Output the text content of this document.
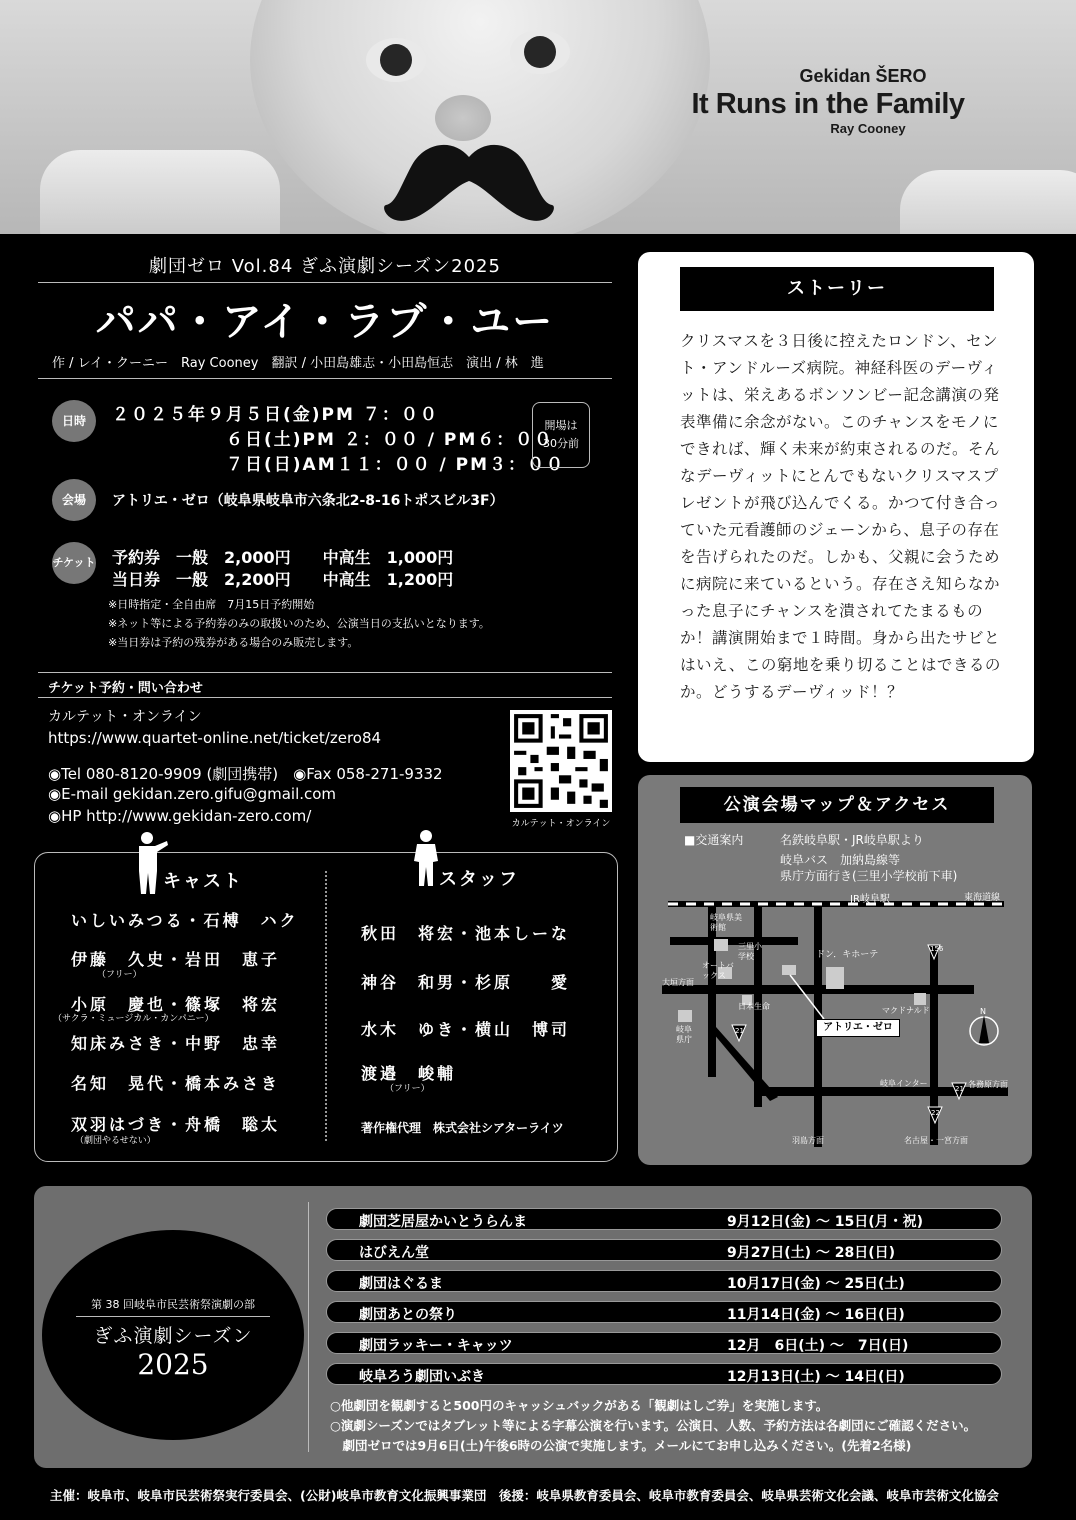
Gekidan ŠERO
It Runs in the Family
Ray Cooney
劇団ゼロ Vol.84 ぎふ演劇シーズン2025
パパ・アイ・ラブ・ユー
作 / レイ・クーニー　Ray Cooney　翻訳 / 小田島雄志・小田島恒志　演出 / 林　進
日時	２０２５年９月５日(金)PM ７：００
６日(土)PM ２：００ / PM６：００
７日(日)AM１１：００ / PM３：００
開場は
30分前
会場	アトリエ・ゼロ（岐阜県岐阜市六条北2-8-16トポスビル3F）
チケット 予約券　一般　2,000円　　中高生　1,000円
当日券　一般　2,200円　　中高生　1,200円
※日時指定・全自由席　7月15日予約開始
※ネット等による予約券のみの取扱いのため、公演当日の支払いとなります。
※当日券は予約の残券がある場合のみ販売します。
チケット予約・問い合わせ
カルテット・オンライン
https://www.quartet-online.net/ticket/zero84
◉Tel 080-8120-9909 (劇団携帯)　◉Fax 058-271-9332
◉E-mail gekidan.zero.gifu@gmail.com
◉HP http://www.gekidan-zero.com/	カルテット・オンライン
キャスト	スタッフ
いしいみつる・石榑　ハク
伊藤　久史・岩田　恵子
（フリー）
小原　慶也・篠塚　将宏
（サクラ・ミュージカル・カンパニー）
知床みさき・中野　忠幸
名知　晃代・橋本みさき
双羽はづき・舟橋　聡太
（劇団やるせない）
秋田　将宏・池本しーな
神谷　和男・杉原　　愛
水木　ゆき・横山　博司
渡邉　峻輔
（フリー）
著作権代理　株式会社シアターライツ
ストーリー
クリスマスを３日後に控えたロンドン、セント・アンドルーズ病院。神経科医のデーヴィットは、栄えあるボンソンビー記念講演の発表準備に余念がない。このチャンスをモノにできれば、輝く未来が約束されるのだ。そんなデーヴィットにとんでもないクリスマスプレゼントが飛び込んでくる。かつて付き合っていた元看護師のジェーンから、息子の存在を告げられたのだ。しかも、父親に会うために病院に来ているという。存在さえ知らなかった息子にチャンスを潰されてたまるものか！講演開始まで１時間。身から出たサビとはいえ、この窮地を乗り切ることはできるのか。どうするデーヴィッド！？
公演会場マップ＆アクセス
■交通案内	名鉄岐阜駅・JR岐阜駅より
岐阜バス　加納島線等
県庁方面行き(三里小学校前下車)
JR岐阜駅	東海道線
岐阜県美術館
三里小学校	ドン．キホーテ
オートバックス
大垣方面
日本生命	マクドナルド
岐阜県庁
アトリエ・ゼロ
岐阜インター	各務原方面
羽島方面	名古屋・一宮方面
156
21
21
22
N
第 38 回岐阜市民芸術祭演劇の部
ぎふ演劇シーズン
2025
劇団芝居屋かいとうらんま	9月12日(金) ～ 15日(月・祝)
はびえん堂	9月27日(土) ～ 28日(日)
劇団はぐるま	10月17日(金) ～ 25日(土)
劇団あとの祭り	11月14日(金) ～ 16日(日)
劇団ラッキー・キャッツ	12月　6日(土) ～　7日(日)
岐阜ろう劇団いぶき	12月13日(土) ～ 14日(日)
○他劇団を観劇すると500円のキャッシュバックがある「観劇はしご券」を実施します。
○演劇シーズンではタブレット等による字幕公演を行います。公演日、人数、予約方法は各劇団にご確認ください。
　劇団ゼロでは9月6日(土)午後6時の公演で実施します。メールにてお申し込みください。(先着2名様)
主催：岐阜市、岐阜市民芸術祭実行委員会、(公財)岐阜市教育文化振興事業団　後援：岐阜県教育委員会、岐阜市教育委員会、岐阜県芸術文化会議、岐阜市芸術文化協会
